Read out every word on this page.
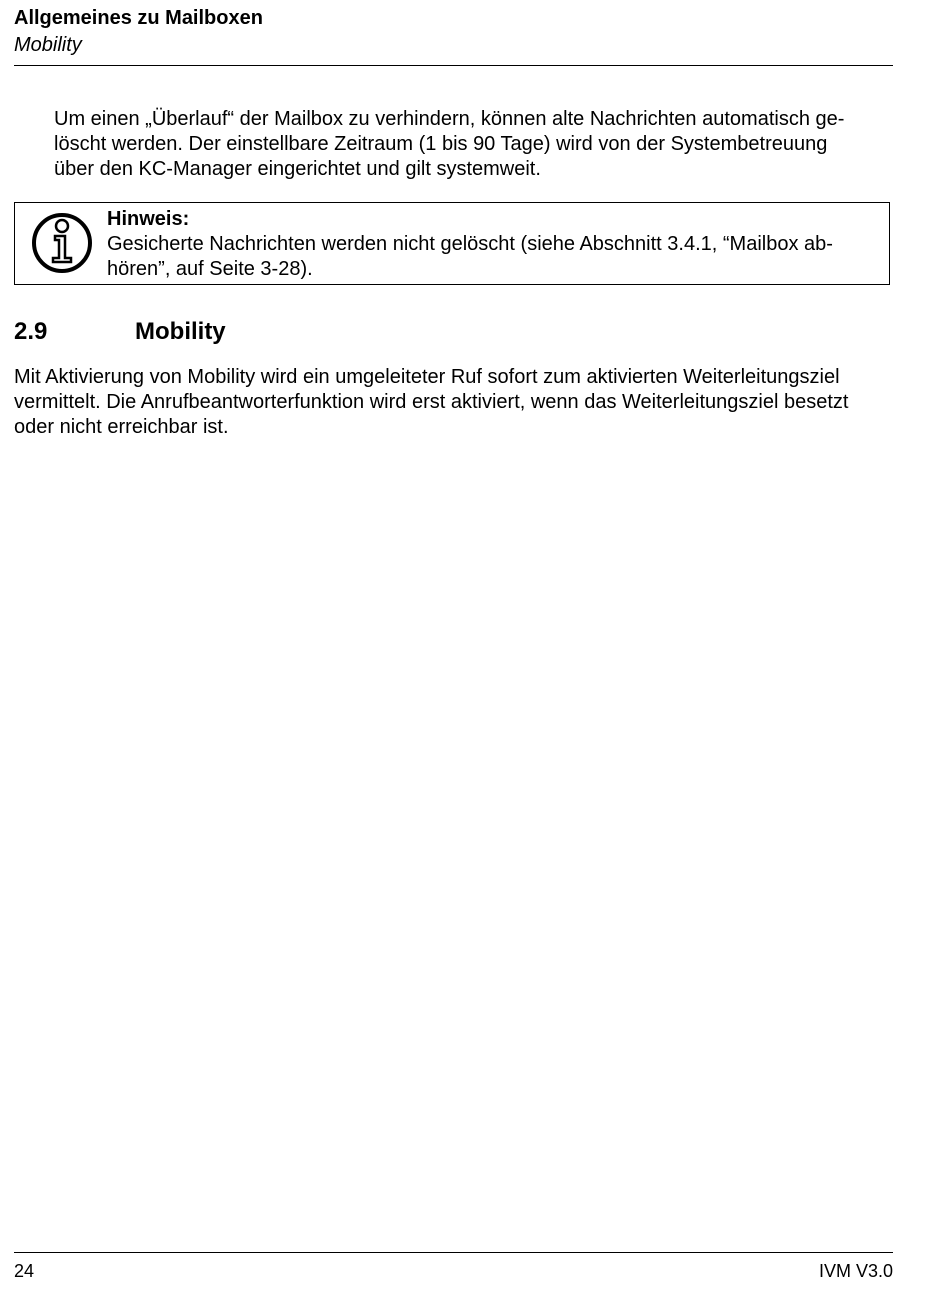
Allgemeines zu Mailboxen
Mobility
Um einen „Überlauf“ der Mailbox zu verhindern, können alte Nachrichten automatisch ge-
löscht werden. Der einstellbare Zeitraum (1 bis 90 Tage) wird von der Systembetreuung
über den KC-Manager eingerichtet und gilt systemweit.
Hinweis:
Gesicherte Nachrichten werden nicht gelöscht (siehe Abschnitt 3.4.1, “Mailbox ab-
hören”, auf Seite 3-28).
2.9	Mobility
Mit Aktivierung von Mobility wird ein umgeleiteter Ruf sofort zum aktivierten Weiterleitungsziel
vermittelt. Die Anrufbeantworterfunktion wird erst aktiviert, wenn das Weiterleitungsziel besetzt
oder nicht erreichbar ist.
24	IVM V3.0
